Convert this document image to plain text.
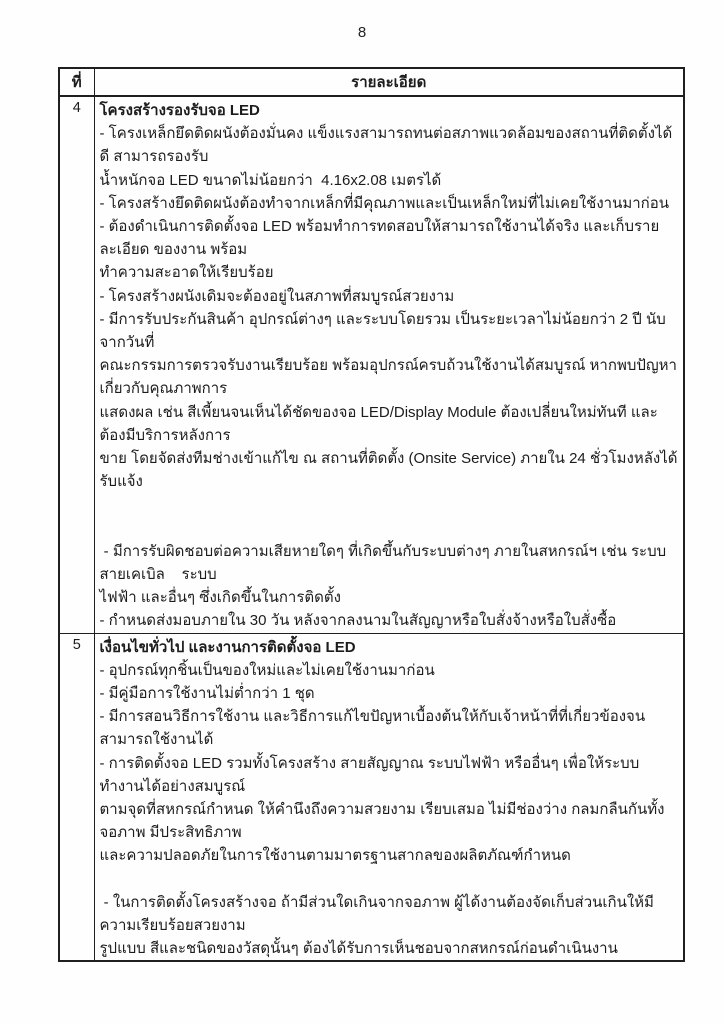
8
ที่	รายละเอียด
4	โครงสร้างรองรับจอ LED
- โครงเหล็กยึดติดผนังต้องมั่นคง แข็งแรงสามารถทนต่อสภาพแวดล้อมของสถานที่ติดตั้งได้ดี สามารถรองรับ
น้ำหนักจอ LED ขนาดไม่น้อยกว่า  4.16x2.08 เมตรได้
- โครงสร้างยึดติดผนังต้องทำจากเหล็กที่มีคุณภาพและเป็นเหล็กใหม่ที่ไม่เคยใช้งานมาก่อน
- ต้องดำเนินการติดตั้งจอ LED พร้อมทำการทดสอบให้สามารถใช้งานได้จริง และเก็บรายละเอียด ของงาน พร้อม
ทำความสะอาดให้เรียบร้อย
- โครงสร้างผนังเดิมจะต้องอยู่ในสภาพที่สมบูรณ์สวยงาม
- มีการรับประกันสินค้า อุปกรณ์ต่างๆ และระบบโดยรวม เป็นระยะเวลาไม่น้อยกว่า 2 ปี นับจากวันที่
คณะกรรมการตรวจรับงานเรียบร้อย พร้อมอุปกรณ์ครบถ้วนใช้งานได้สมบูรณ์ หากพบปัญหาเกี่ยวกับคุณภาพการ
แสดงผล เช่น สีเพี้ยนจนเห็นได้ชัดของจอ LED/Display Module ต้องเปลี่ยนใหม่ทันที และต้องมีบริการหลังการ
ขาย โดยจัดส่งทีมช่างเข้าแก้ไข ณ สถานที่ติดตั้ง (Onsite Service) ภายใน 24 ชั่วโมงหลังได้รับแจ้ง
- มีการรับผิดชอบต่อความเสียหายใดๆ ที่เกิดขึ้นกับระบบต่างๆ ภายในสหกรณ์ฯ เช่น ระบบสายเคเบิล    ระบบ
ไฟฟ้า และอื่นๆ ซึ่งเกิดขึ้นในการติดตั้ง
- กำหนดส่งมอบภายใน 30 วัน หลังจากลงนามในสัญญาหรือใบสั่งจ้างหรือใบสั่งซื้อ

5	เงื่อนไขทั่วไป และงานการติดตั้งจอ LED
- อุปกรณ์ทุกชิ้นเป็นของใหม่และไม่เคยใช้งานมาก่อน
- มีคู่มือการใช้งานไม่ต่ำกว่า 1 ชุด
- มีการสอนวิธีการใช้งาน และวิธีการแก้ไขปัญหาเบื้องต้นให้กับเจ้าหน้าที่ที่เกี่ยวข้องจนสามารถใช้งานได้
- การติดตั้งจอ LED รวมทั้งโครงสร้าง สายสัญญาณ ระบบไฟฟ้า หรืออื่นๆ เพื่อให้ระบบทำงานได้อย่างสมบูรณ์
ตามจุดที่สหกรณ์กำหนด ให้คำนึงถึงความสวยงาม เรียบเสมอ ไม่มีช่องว่าง กลมกลืนกันทั้งจอภาพ มีประสิทธิภาพ
และความปลอดภัยในการใช้งานตามมาตรฐานสากลของผลิตภัณฑ์กำหนด
- ในการติดตั้งโครงสร้างจอ ถ้ามีส่วนใดเกินจากจอภาพ ผู้ได้งานต้องจัดเก็บส่วนเกินให้มีความเรียบร้อยสวยงาม
รูปแบบ สีและชนิดของวัสดุนั้นๆ ต้องได้รับการเห็นชอบจากสหกรณ์ก่อนดำเนินงาน
